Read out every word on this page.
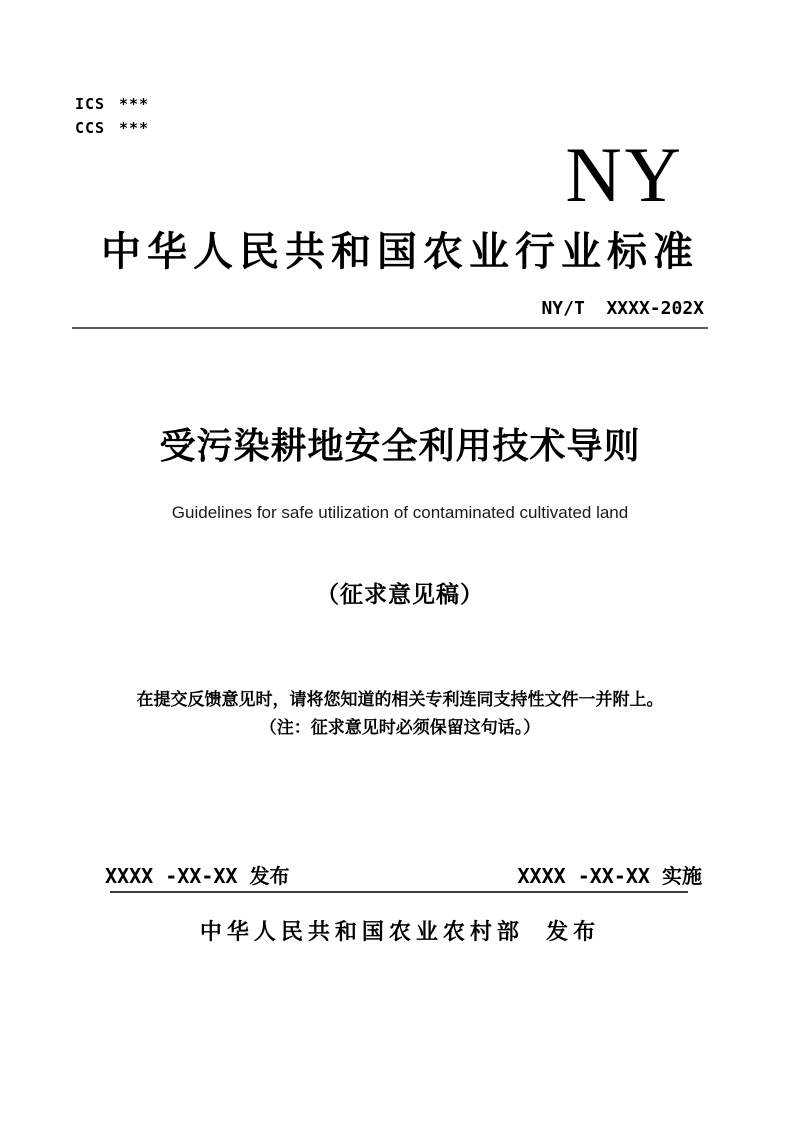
ICS ***
CCS ***
NY
中华人民共和国农业行业标准
NY/T  XXXX-202X
受污染耕地安全利用技术导则
Guidelines for safe utilization of contaminated cultivated land
（征求意见稿）
在提交反馈意见时，请将您知道的相关专利连同支持性文件一并附上。
（注：征求意见时必须保留这句话。）
XXXX -XX-XX 发布	XXXX -XX-XX 实施
中华人民共和国农业农村部  发布
